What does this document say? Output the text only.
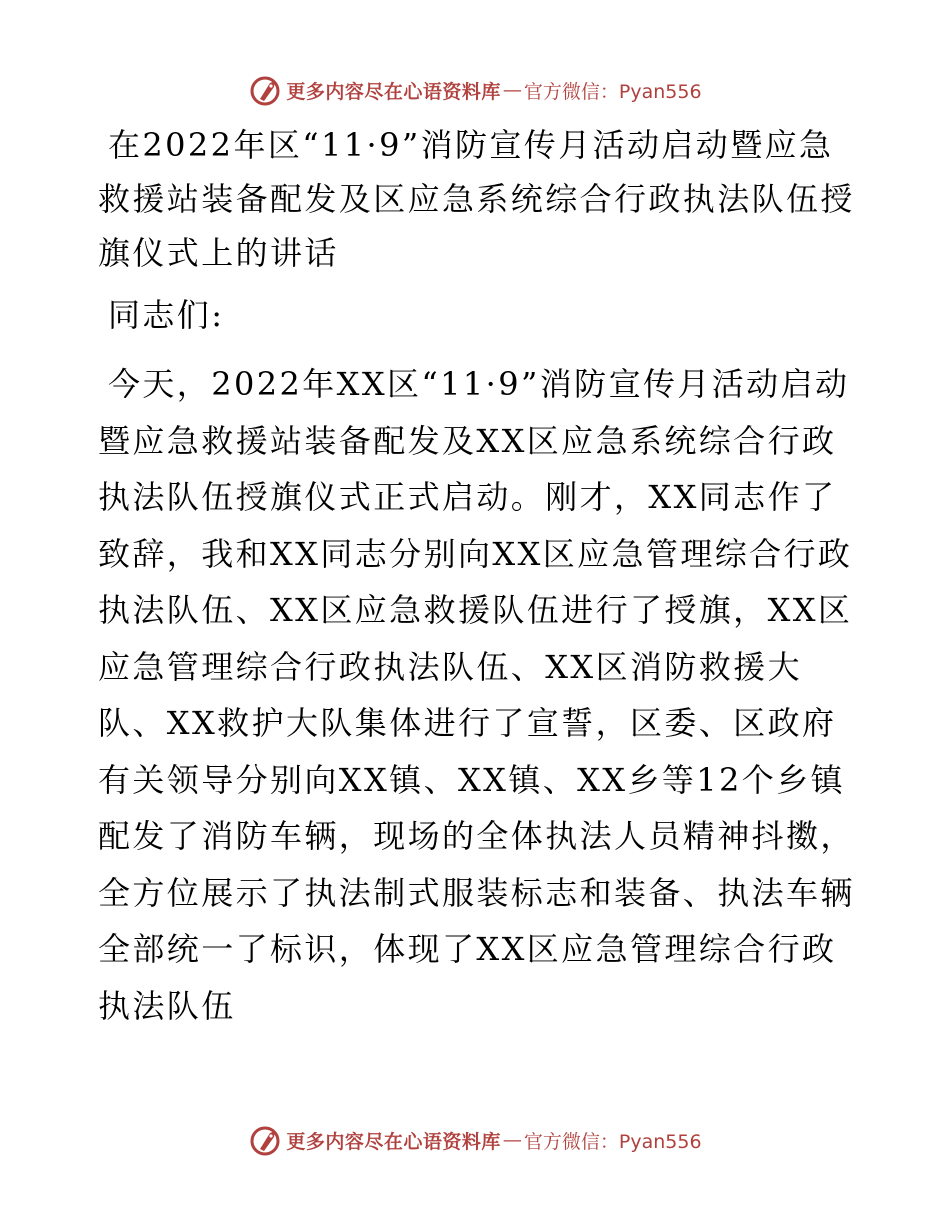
更多内容尽在心语资料库 — 官方微信：Pyan556
在2022年区“11·9”消防宣传月活动启动暨应急救援站装备配发及区应急系统综合行政执法队伍授旗仪式上的讲话

同志们:

今天，2022年XX区“11·9”消防宣传月活动启动暨应急救援站装备配发及XX区应急系统综合行政执法队伍授旗仪式正式启动。刚才，XX同志作了致辞，我和XX同志分别向XX区应急管理综合行政执法队伍、XX区应急救援队伍进行了授旗，XX区应急管理综合行政执法队伍、XX区消防救援大队、XX救护大队集体进行了宣誓，区委、区政府有关领导分别向XX镇、XX镇、XX乡等12个乡镇配发了消防车辆，现场的全体执法人员精神抖擞，全方位展示了执法制式服装标志和装备、执法车辆全部统一了标识，体现了XX区应急管理综合行政执法队伍

更多内容尽在心语资料库 — 官方微信：Pyan556
